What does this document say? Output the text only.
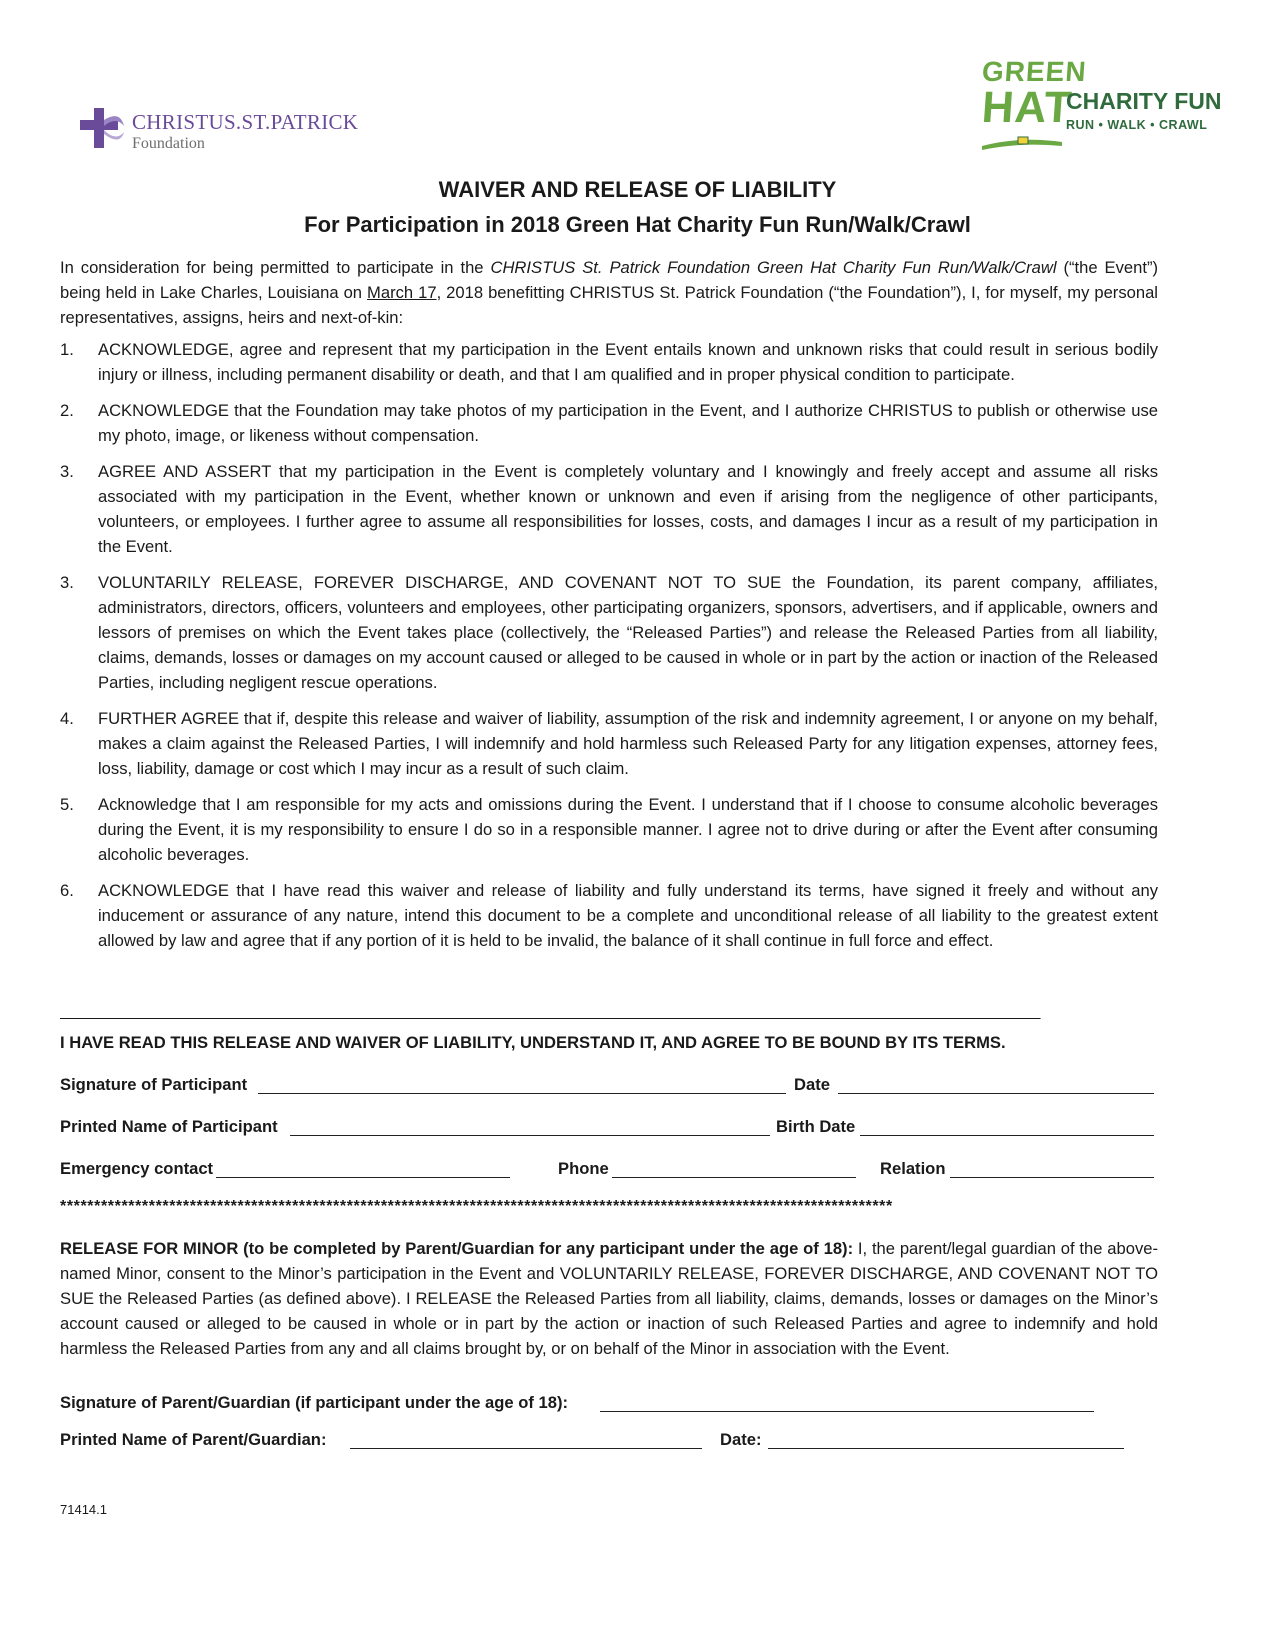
CHRISTUS.ST.PATRICK
Foundation
GREEN
HAT
CHARITY FUN
RUN • WALK • CRAWL
WAIVER AND RELEASE OF LIABILITY
For Participation in 2018 Green Hat Charity Fun Run/Walk/Crawl
In consideration for being permitted to participate in the CHRISTUS St. Patrick Foundation Green Hat Charity Fun Run/Walk/Crawl (“the Event”) being held in Lake Charles, Louisiana on March 17, 2018 benefitting CHRISTUS St. Patrick Foundation (“the Foundation”), I, for myself, my personal representatives, assigns, heirs and next-of-kin:
1. ACKNOWLEDGE, agree and represent that my participation in the Event entails known and unknown risks that could result in serious bodily injury or illness, including permanent disability or death, and that I am qualified and in proper physical condition to participate.
2. ACKNOWLEDGE that the Foundation may take photos of my participation in the Event, and I authorize CHRISTUS to publish or otherwise use my photo, image, or likeness without compensation.
3. AGREE AND ASSERT that my participation in the Event is completely voluntary and I knowingly and freely accept and assume all risks associated with my participation in the Event, whether known or unknown and even if arising from the negligence of other participants, volunteers, or employees. I further agree to assume all responsibilities for losses, costs, and damages I incur as a result of my participation in the Event.
3. VOLUNTARILY RELEASE, FOREVER DISCHARGE, AND COVENANT NOT TO SUE the Foundation, its parent company, affiliates, administrators, directors, officers, volunteers and employees, other participating organizers, sponsors, advertisers, and if applicable, owners and lessors of premises on which the Event takes place (collectively, the “Released Parties”) and release the Released Parties from all liability, claims, demands, losses or damages on my account caused or alleged to be caused in whole or in part by the action or inaction of the Released Parties, including negligent rescue operations.
4. FURTHER AGREE that if, despite this release and waiver of liability, assumption of the risk and indemnity agreement, I or anyone on my behalf, makes a claim against the Released Parties, I will indemnify and hold harmless such Released Party for any litigation expenses, attorney fees, loss, liability, damage or cost which I may incur as a result of such claim.
5. Acknowledge that I am responsible for my acts and omissions during the Event. I understand that if I choose to consume alcoholic beverages during the Event, it is my responsibility to ensure I do so in a responsible manner. I agree not to drive during or after the Event after consuming alcoholic beverages.
6. ACKNOWLEDGE that I have read this waiver and release of liability and fully understand its terms, have signed it freely and without any inducement or assurance of any nature, intend this document to be a complete and unconditional release of all liability to the greatest extent allowed by law and agree that if any portion of it is held to be invalid, the balance of it shall continue in full force and effect.
____________________________________________________________________________________________________________________________
I HAVE READ THIS RELEASE AND WAIVER OF LIABILITY, UNDERSTAND IT, AND AGREE TO BE BOUND BY ITS TERMS.
Signature of Participant	Date
Printed Name of Participant	Birth Date
Emergency contact	Phone	Relation
**************************************************************************************************************************
RELEASE FOR MINOR (to be completed by Parent/Guardian for any participant under the age of 18): I, the parent/legal guardian of the above-named Minor, consent to the Minor’s participation in the Event and VOLUNTARILY RELEASE, FOREVER DISCHARGE, AND COVENANT NOT TO SUE the Released Parties (as defined above). I RELEASE the Released Parties from all liability, claims, demands, losses or damages on the Minor’s account caused or alleged to be caused in whole or in part by the action or inaction of such Released Parties and agree to indemnify and hold harmless the Released Parties from any and all claims brought by, or on behalf of the Minor in association with the Event.
Signature of Parent/Guardian (if participant under the age of 18):
Printed Name of Parent/Guardian:	Date:
71414.1
